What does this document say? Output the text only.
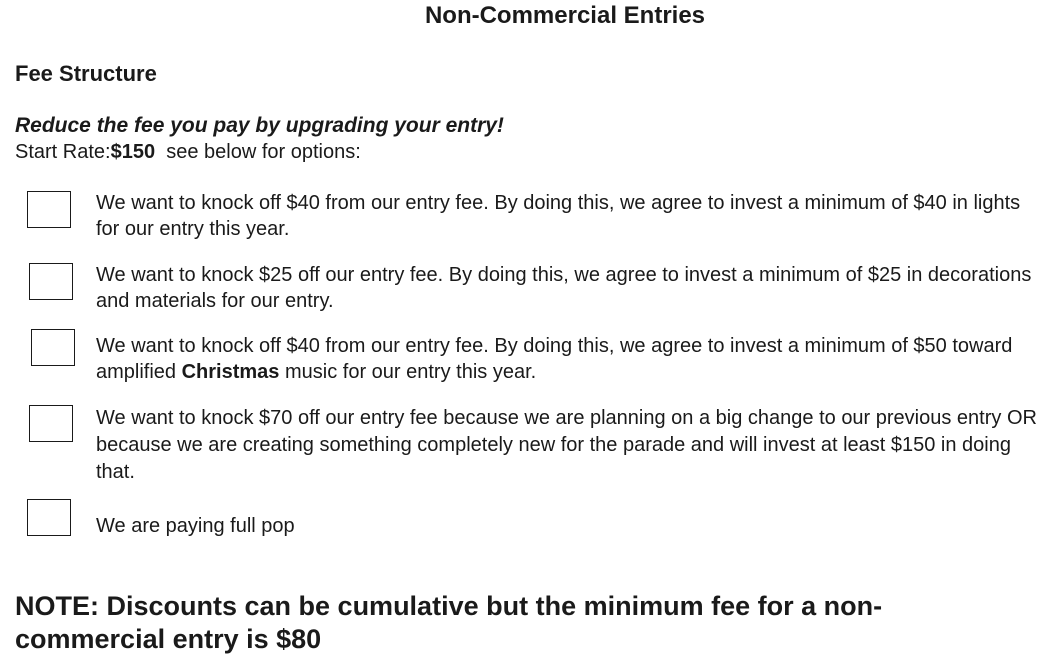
Non-Commercial Entries
Fee Structure
Reduce the fee you pay by upgrading your entry!
Start Rate:$150  see below for options:
We want to knock off $40 from our entry fee. By doing this, we agree to invest a minimum of $40 in lights for our entry this year.
We want to knock $25 off our entry fee. By doing this, we agree to invest a minimum of $25 in decorations and materials for our entry.
We want to knock off $40 from our entry fee. By doing this, we agree to invest a minimum of $50 toward amplified Christmas music for our entry this year.
We want to knock $70 off our entry fee because we are planning on a big change to our previous entry OR because we are creating something completely new for the parade and will invest at least $150 in doing that.
We are paying full pop
NOTE: Discounts can be cumulative but the minimum fee for a non-commercial entry is $80
